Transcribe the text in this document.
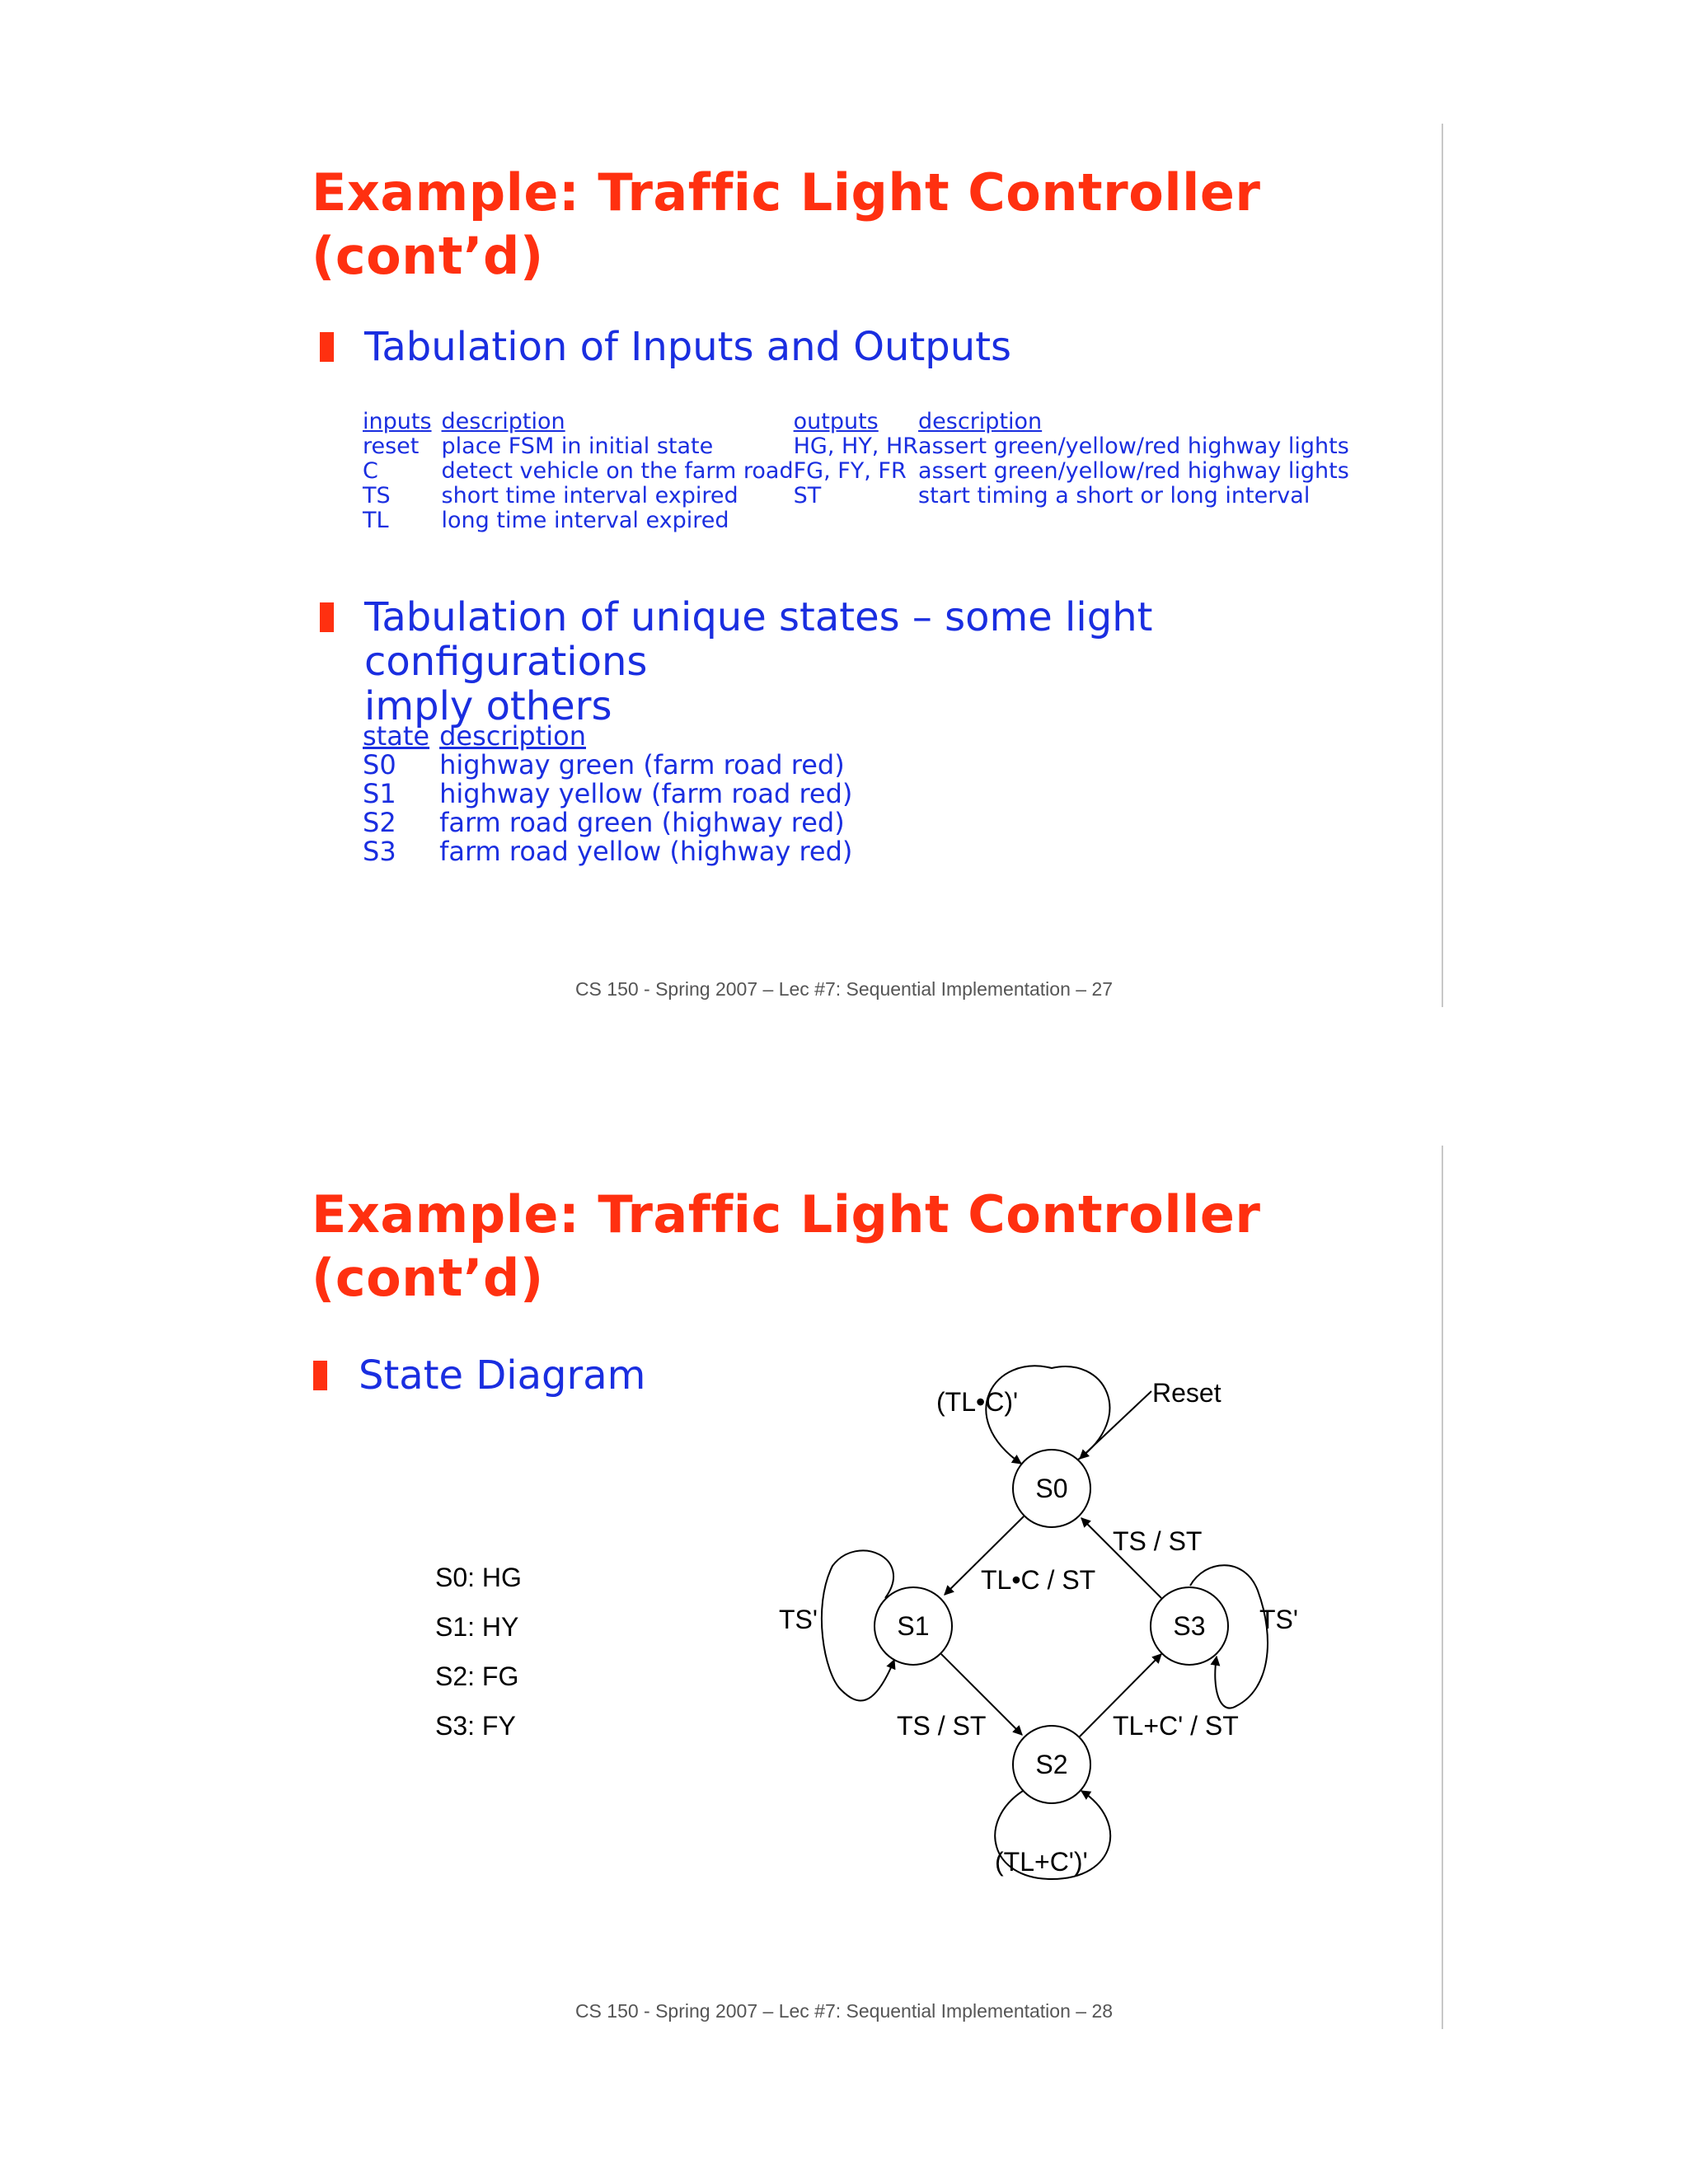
Example: Traffic Light Controller
(cont’d)
Tabulation of Inputs and Outputs
inputs	description	outputs	description
reset	place FSM in initial state	HG, HY, HR	assert green/yellow/red highway lights
C	detect vehicle on the farm road	FG, FY, FR	assert green/yellow/red highway lights
TS	short time interval expired	ST	start timing a short or long interval
TL	long time interval expired		
Tabulation of unique states – some light configurations
imply others
state	description
S0	highway green (farm road red)
S1	highway yellow (farm road red)
S2	farm road green (highway red)
S3	farm road yellow (highway red)
CS 150 - Spring 2007 – Lec #7: Sequential Implementation – 27
Example: Traffic Light Controller
(cont’d)
State Diagram
S0: HG
S1: HY
S2: FG
S3: FY
S0
S1
S2
S3
(TL•C)'	Reset
TL•C / ST
TS / ST
TS'	TS'
TS / ST	TL+C' / ST
(TL+C')'
CS 150 - Spring 2007 – Lec #7: Sequential Implementation – 28
